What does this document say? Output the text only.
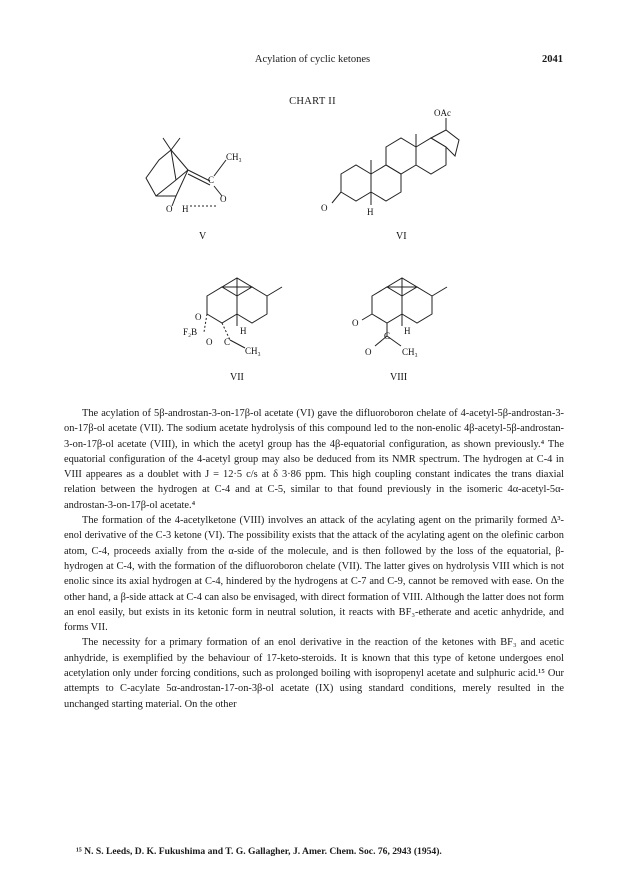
Acylation of cyclic ketones	2041
CHART II
CH₃
C
O
O H
V
OAc
O	H
VI
O
F₂B
O C
H
CH₃
VII
O
C H
O	CH₃
VIII

The acylation of 5β-androstan-3-on-17β-ol acetate (VI) gave the difluoroboron chelate of 4-acetyl-5β-androstan-3-on-17β-ol acetate (VII). The sodium acetate hydrolysis of this compound led to the non-enolic 4β-acetyl-5β-androstan-3-on-17β-ol acetate (VIII), in which the acetyl group has the 4β-equatorial configuration, as shown previously.⁴ The equatorial configuration of the 4-acetyl group may also be deduced from its NMR spectrum. The hydrogen at C-4 in VIII appeares as a doublet with J = 12·5 c/s at δ 3·86 ppm. This high coupling constant indicates the trans diaxial relation between the hydrogen at C-4 and at C-5, similar to that found previously in the isomeric 4α-acetyl-5α-androstan-3-on-17β-ol acetate.⁴

The formation of the 4-acetylketone (VIII) involves an attack of the acylating agent on the primarily formed Δ³-enol derivative of the C-3 ketone (VI). The possibility exists that the attack of the acylating agent on the olefinic carbon atom, C-4, proceeds axially from the α-side of the molecule, and is then followed by the loss of the equatorial, β-hydrogen at C-4, with the formation of the difluoroboron chelate (VII). The latter gives on hydrolysis VIII which is not enolic since its axial hydrogen at C-4, hindered by the hydrogens at C-7 and C-9, cannot be removed with ease. On the other hand, a β-side attack at C-4 can also be envisaged, with direct formation of VIII. Although the latter does not form an enol easily, but exists in its ketonic form in neutral solution, it reacts with BF₃-etherate and acetic anhydride, and forms VII.

The necessity for a primary formation of an enol derivative in the reaction of the ketones with BF₃ and acetic anhydride, is exemplified by the behaviour of 17-keto-steroids. It is known that this type of ketone undergoes enol acetylation only under forcing conditions, such as prolonged boiling with isopropenyl acetate and sulphuric acid.¹⁵ Our attempts to C-acylate 5α-androstan-17-on-3β-ol acetate (IX) using standard conditions, merely resulted in the unchanged starting material. On the other

¹⁵ N. S. Leeds, D. K. Fukushima and T. G. Gallagher, J. Amer. Chem. Soc. 76, 2943 (1954).
